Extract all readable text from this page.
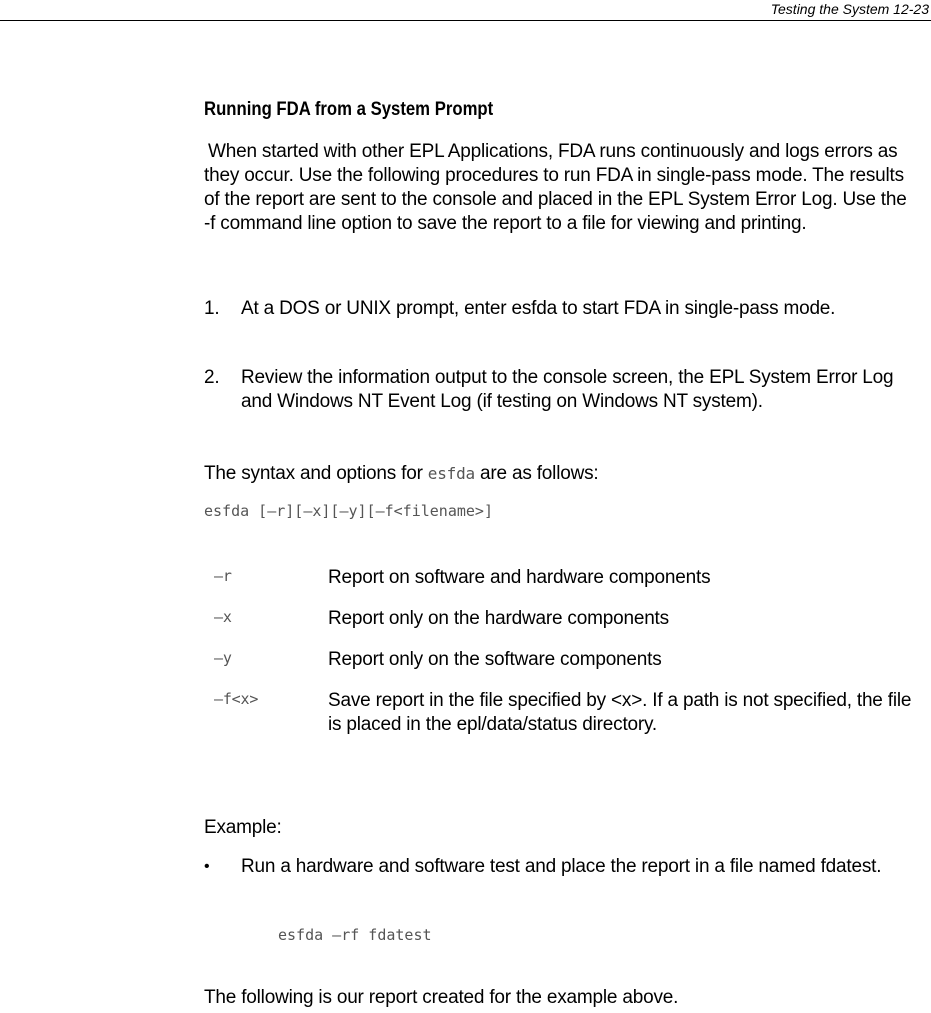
Testing the System 12-23
Running FDA from a System Prompt
When started with other EPL Applications, FDA runs continuously and logs errors as they occur. Use the following procedures to run FDA in single-pass mode. The results of the report are sent to the console and placed in the EPL System Error Log. Use the -f command line option to save the report to a file for viewing and printing.
1.	At a DOS or UNIX prompt, enter esfda to start FDA in single-pass mode.
2.	Review the information output to the console screen, the EPL System Error Log and Windows NT Event Log (if testing on Windows NT system).
The syntax and options for esfda are as follows:
esfda [–r][–x][–y][–f<filename>]
–r	Report on software and hardware components
–x	Report only on the hardware components
–y	Report only on the software components
–f<x>	Save report in the file specified by <x>. If a path is not specified, the file is placed in the epl/data/status directory.
Example:
•	Run a hardware and software test and place the report in a file named fdatest.
esfda –rf fdatest
The following is our report created for the example above.
